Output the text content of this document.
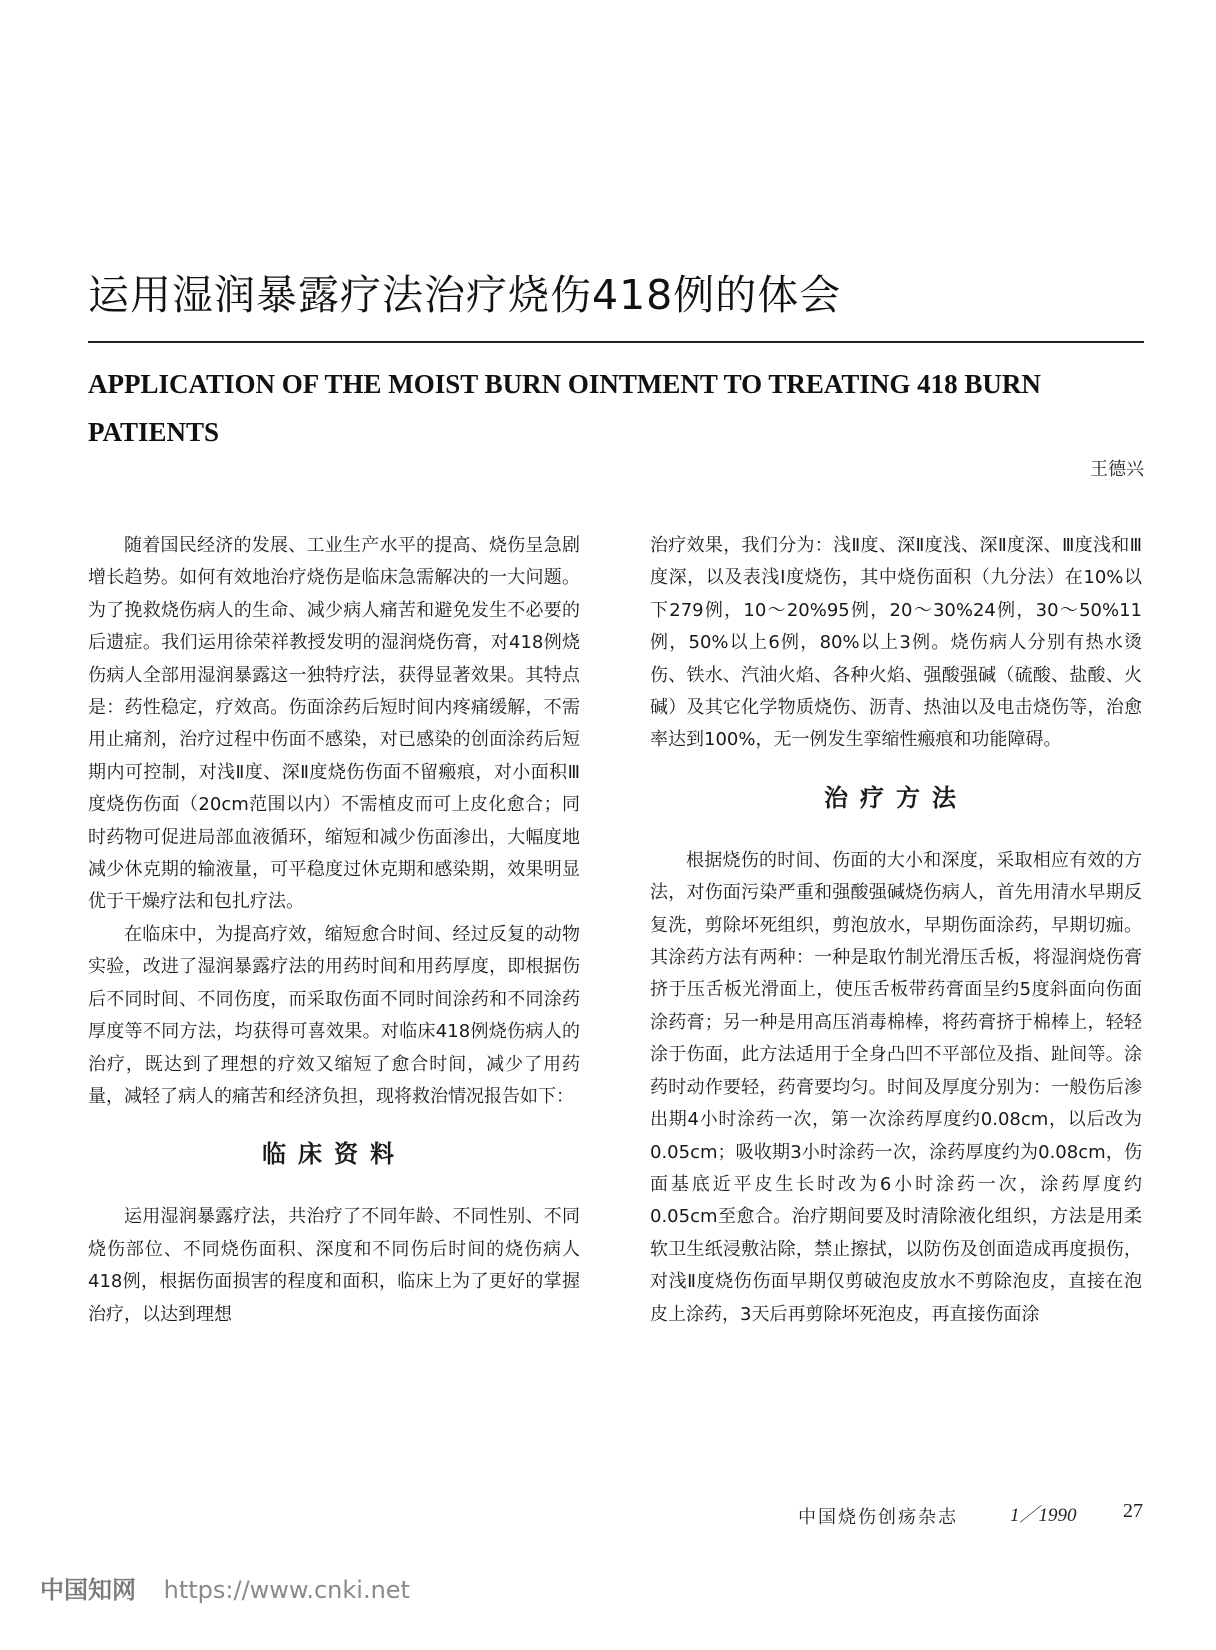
运用湿润暴露疗法治疗烧伤418例的体会
APPLICATION OF THE MOIST BURN OINTMENT TO TREATING 418 BURN PATIENTS
王德兴

随着国民经济的发展、工业生产水平的提高、烧伤呈急剧增长趋势。如何有效地治疗烧伤是临床急需解决的一大问题。为了挽救烧伤病人的生命、减少病人痛苦和避免发生不必要的后遗症。我们运用徐荣祥教授发明的湿润烧伤膏，对418例烧伤病人全部用湿润暴露这一独特疗法，获得显著效果。其特点是：药性稳定，疗效高。伤面涂药后短时间内疼痛缓解，不需用止痛剂，治疗过程中伤面不感染，对已感染的创面涂药后短期内可控制，对浅Ⅱ度、深Ⅱ度烧伤伤面不留瘢痕，对小面积Ⅲ度烧伤伤面（20cm范围以内）不需植皮而可上皮化愈合；同时药物可促进局部血液循环，缩短和减少伤面渗出，大幅度地减少休克期的输液量，可平稳度过休克期和感染期，效果明显优于干燥疗法和包扎疗法。

在临床中，为提高疗效，缩短愈合时间、经过反复的动物实验，改进了湿润暴露疗法的用药时间和用药厚度，即根据伤后不同时间、不同伤度，而采取伤面不同时间涂药和不同涂药厚度等不同方法，均获得可喜效果。对临床418例烧伤病人的治疗，既达到了理想的疗效又缩短了愈合时间，减少了用药量，减轻了病人的痛苦和经济负担，现将救治情况报告如下：

临床资料

运用湿润暴露疗法，共治疗了不同年龄、不同性别、不同烧伤部位、不同烧伤面积、深度和不同伤后时间的烧伤病人418例，根据伤面损害的程度和面积，临床上为了更好的掌握治疗，以达到理想

治疗效果，我们分为：浅Ⅱ度、深Ⅱ度浅、深Ⅱ度深、Ⅲ度浅和Ⅲ度深，以及表浅Ⅰ度烧伤，其中烧伤面积（九分法）在10%以下279例，10～20%95例，20～30%24例，30～50%11例，50%以上6例，80%以上3例。烧伤病人分别有热水烫伤、铁水、汽油火焰、各种火焰、强酸强碱（硫酸、盐酸、火碱）及其它化学物质烧伤、沥青、热油以及电击烧伤等，治愈率达到100%，无一例发生挛缩性瘢痕和功能障碍。

治疗方法

根据烧伤的时间、伤面的大小和深度，采取相应有效的方法，对伤面污染严重和强酸强碱烧伤病人，首先用清水早期反复洗，剪除坏死组织，剪泡放水，早期伤面涂药，早期切痂。其涂药方法有两种：一种是取竹制光滑压舌板，将湿润烧伤膏挤于压舌板光滑面上，使压舌板带药膏面呈约5度斜面向伤面涂药膏；另一种是用高压消毒棉棒，将药膏挤于棉棒上，轻轻涂于伤面，此方法适用于全身凸凹不平部位及指、趾间等。涂药时动作要轻，药膏要均匀。时间及厚度分别为：一般伤后渗出期4小时涂药一次，第一次涂药厚度约0.08cm，以后改为0.05cm；吸收期3小时涂药一次，涂药厚度约为0.08cm，伤面基底近平皮生长时改为6小时涂药一次，涂药厚度约0.05cm至愈合。治疗期间要及时清除液化组织，方法是用柔软卫生纸浸敷沾除，禁止擦拭，以防伤及创面造成再度损伤，对浅Ⅱ度烧伤伤面早期仅剪破泡皮放水不剪除泡皮，直接在泡皮上涂药，3天后再剪除坏死泡皮，再直接伤面涂

中国烧伤创疡杂志	1／1990 27
中国知网 https://www.cnki.net
